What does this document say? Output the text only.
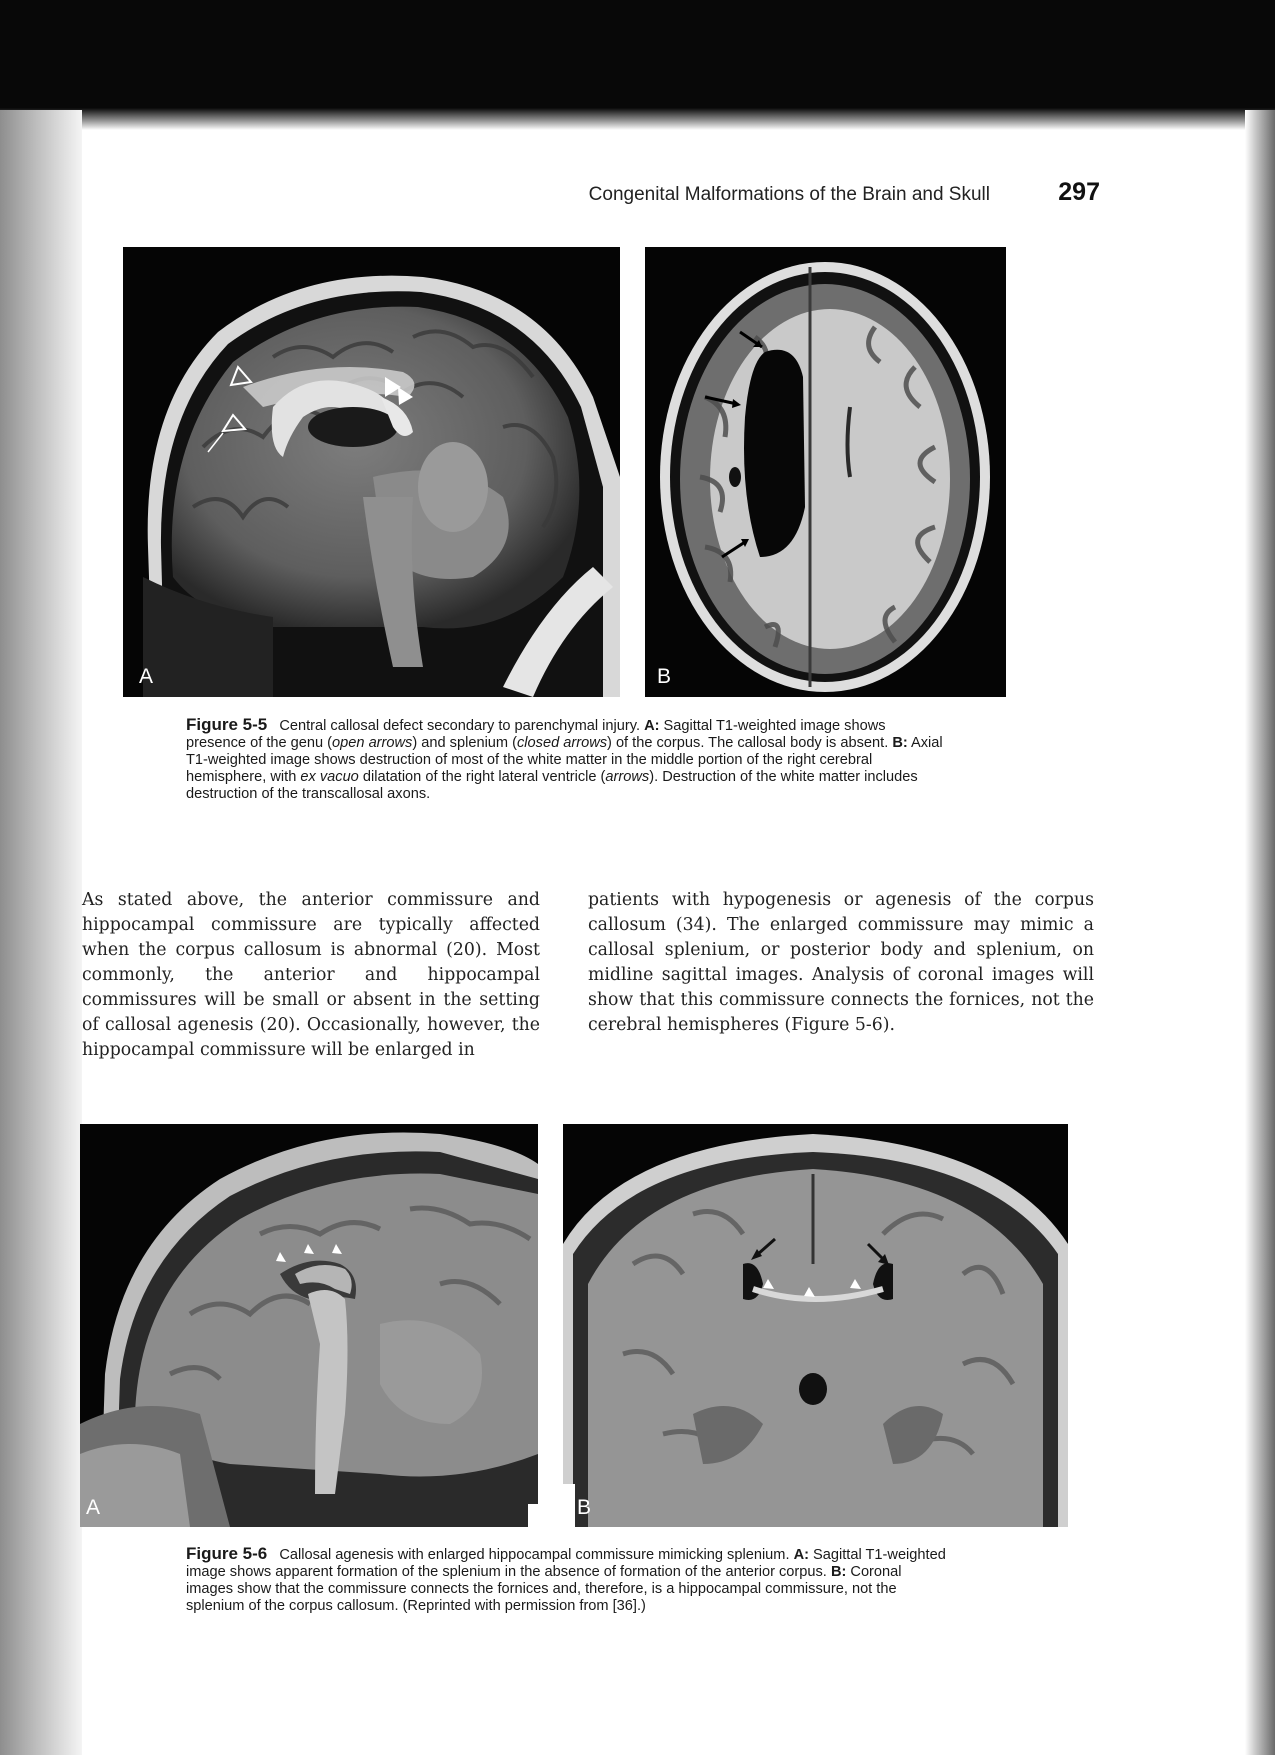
Congenital Malformations of the Brain and Skull	297
A	B
Figure 5-5 Central callosal defect secondary to parenchymal injury. A: Sagittal T1-weighted image shows presence of the genu (open arrows) and splenium (closed arrows) of the corpus. The callosal body is absent. B: Axial T1-weighted image shows destruction of most of the white matter in the middle portion of the right cerebral hemisphere, with ex vacuo dilatation of the right lateral ventricle (arrows). Destruction of the white matter includes destruction of the transcallosal axons.

As stated above, the anterior commissure and hippocampal commissure are typically affected when the corpus callosum is abnormal (20). Most commonly, the anterior and hippocampal commissures will be small or absent in the setting of callosal agenesis (20). Occasionally, however, the hippocampal commissure will be enlarged in

patients with hypogenesis or agenesis of the corpus callosum (34). The enlarged commissure may mimic a callosal splenium, or posterior body and splenium, on midline sagittal images. Analysis of coronal images will show that this commissure connects the fornices, not the cerebral hemispheres (Figure 5-6).

A	B
Figure 5-6 Callosal agenesis with enlarged hippocampal commissure mimicking splenium. A: Sagittal T1-weighted image shows apparent formation of the splenium in the absence of formation of the anterior corpus. B: Coronal images show that the commissure connects the fornices and, therefore, is a hippocampal commissure, not the splenium of the corpus callosum. (Reprinted with permission from [36].)
